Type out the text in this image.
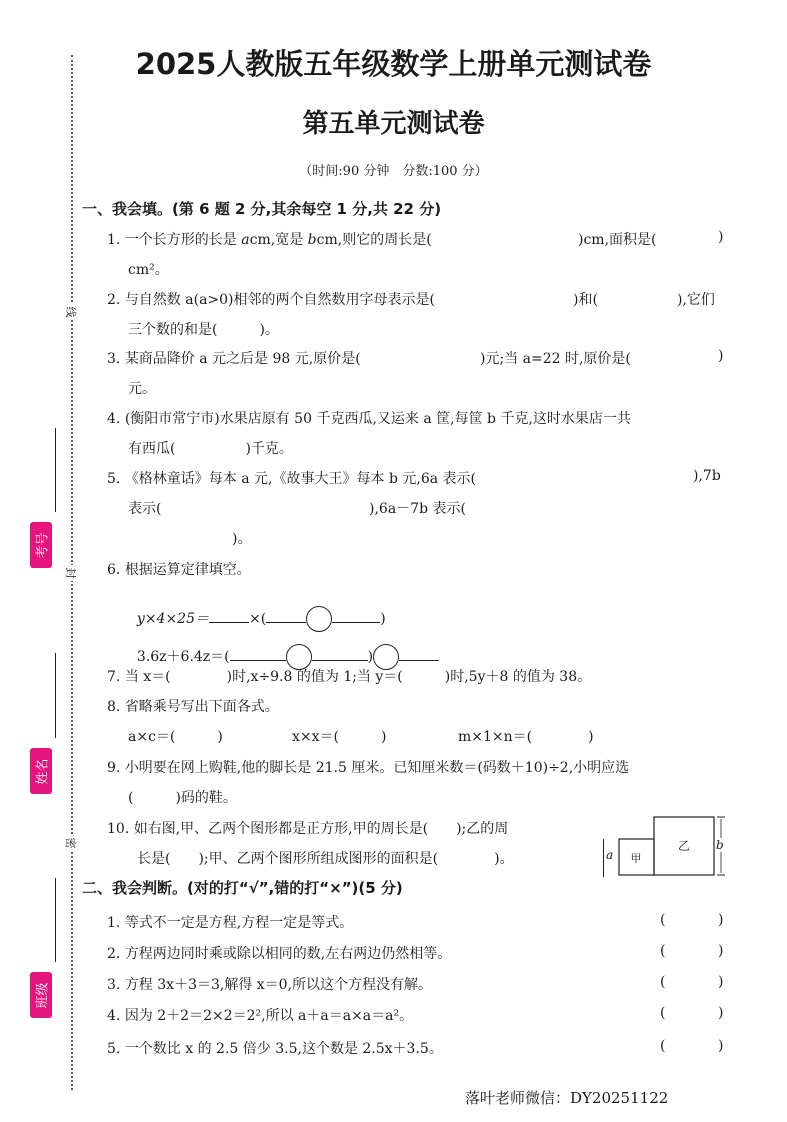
2025人教版五年级数学上册单元测试卷
第五单元测试卷
（时间:90 分钟　分数:100 分）
线
封
密
考号
姓名
班级
一、我会填。(第 6 题 2 分,其余每空 1 分,共 22 分)
1. 一个长方形的长是 acm,宽是 bcm,则它的周长是(	)cm,面积是(	)
cm²。
2. 与自然数 a(a>0)相邻的两个自然数用字母表示是(	)和(	),它们
三个数的和是(　　　)。
3. 某商品降价 a 元之后是 98 元,原价是(	)元;当 a=22 时,原价是(	)
元。
4. (衡阳市常宁市)水果店原有 50 千克西瓜,又运来 a 筐,每筐 b 千克,这时水果店一共
有西瓜(　　　　　)千克。
5. 《格林童话》每本 a 元,《故事大王》每本 b 元,6a 表示(	),7b
表示(	),6a－7b 表示(
)。
6. 根据运算定律填空。

y×4×25＝	×(	)

3.6z＋6.4z＝(	)

7. 当 x＝(　　　　)时,x÷9.8 的值为 1;当 y＝(　　　)时,5y＋8 的值为 38。
8. 省略乘号写出下面各式。
a×c＝(　　　)	x×x＝(　　　)	m×1×n＝(　　　　)
9. 小明要在网上购鞋,他的脚长是 21.5 厘米。已知厘米数＝(码数＋10)÷2,小明应选
(　　　)码的鞋。
10. 如右图,甲、乙两个图形都是正方形,甲的周长是(　　);乙的周
长是(　　);甲、乙两个图形所组成图形的面积是(　　　　)。	甲
乙
a
b
二、我会判断。(对的打“√”,错的打“×”)(5 分)
1. 等式不一定是方程,方程一定是等式。	(	)
2. 方程两边同时乘或除以相同的数,左右两边仍然相等。	(	)
3. 方程 3x＋3＝3,解得 x＝0,所以这个方程没有解。	(	)
4. 因为 2＋2＝2×2＝2²,所以 a＋a＝a×a＝a²。	(	)
5. 一个数比 x 的 2.5 倍少 3.5,这个数是 2.5x＋3.5。	(	)
落叶老师微信：DY20251122
